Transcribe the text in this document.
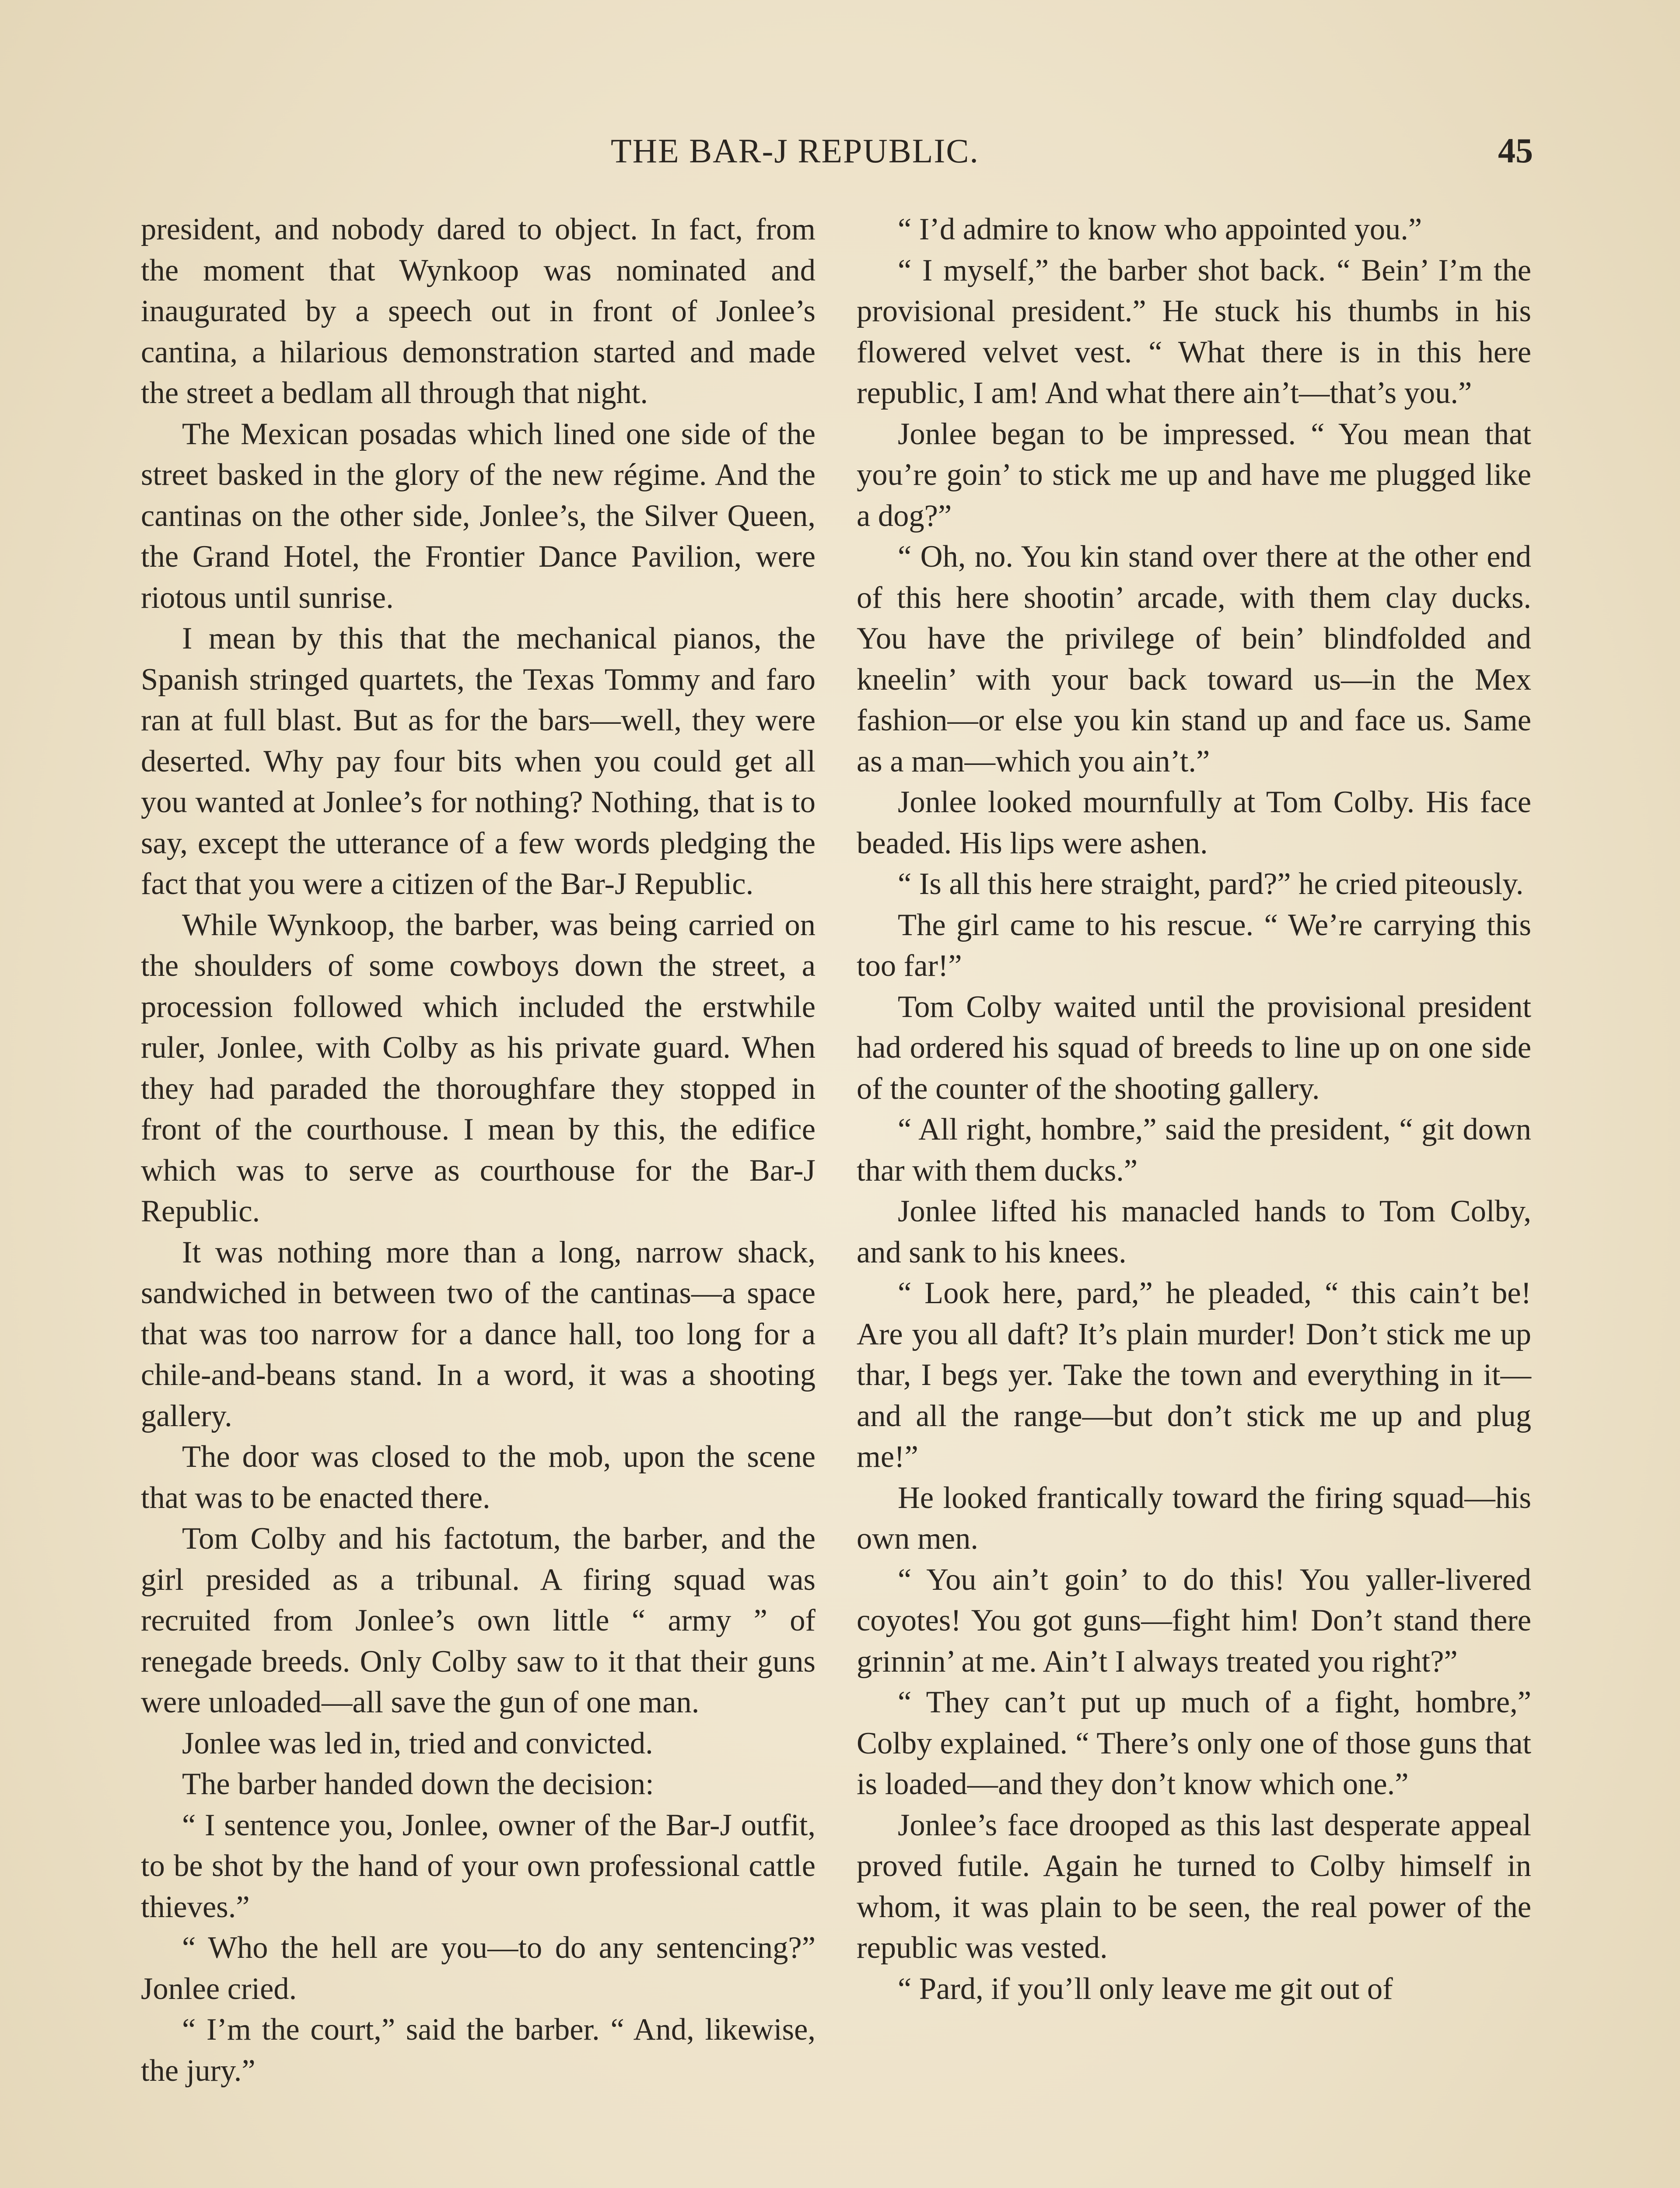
THE BAR-J REPUBLIC.	45

president, and nobody dared to object. In fact, from the moment that Wynkoop was nominated and inaugurated by a speech out in front of Jonlee’s cantina, a hilarious demonstration started and made the street a bedlam all through that night.

The Mexican posadas which lined one side of the street basked in the glory of the new régime. And the cantinas on the other side, Jonlee’s, the Silver Queen, the Grand Hotel, the Frontier Dance Pavilion, were riotous until sunrise.

I mean by this that the mechanical pianos, the Spanish stringed quartets, the Texas Tommy and faro ran at full blast. But as for the bars—well, they were deserted. Why pay four bits when you could get all you wanted at Jonlee’s for nothing? Nothing, that is to say, except the utterance of a few words pledging the fact that you were a citizen of the Bar-J Republic.

While Wynkoop, the barber, was being carried on the shoulders of some cowboys down the street, a procession followed which included the erstwhile ruler, Jonlee, with Colby as his private guard. When they had paraded the thoroughfare they stopped in front of the courthouse. I mean by this, the edifice which was to serve as courthouse for the Bar-J Republic.

It was nothing more than a long, narrow shack, sandwiched in between two of the cantinas—a space that was too narrow for a dance hall, too long for a chile-and-beans stand. In a word, it was a shooting gallery.

The door was closed to the mob, upon the scene that was to be enacted there.

Tom Colby and his factotum, the barber, and the girl presided as a tribunal. A firing squad was recruited from Jonlee’s own little “ army ” of renegade breeds. Only Colby saw to it that their guns were unloaded—all save the gun of one man.

Jonlee was led in, tried and convicted.

The barber handed down the decision:

“ I sentence you, Jonlee, owner of the Bar-J outfit, to be shot by the hand of your own professional cattle thieves.”

“ Who the hell are you—to do any sentencing?” Jonlee cried.

“ I’m the court,” said the barber. “ And, likewise, the jury.”

“ I’d admire to know who appointed you.”

“ I myself,” the barber shot back. “ Bein’ I’m the provisional president.” He stuck his thumbs in his flowered velvet vest. “ What there is in this here republic, I am! And what there ain’t—that’s you.”

Jonlee began to be impressed. “ You mean that you’re goin’ to stick me up and have me plugged like a dog?”

“ Oh, no. You kin stand over there at the other end of this here shootin’ arcade, with them clay ducks. You have the privilege of bein’ blindfolded and kneelin’ with your back toward us—in the Mex fashion—or else you kin stand up and face us. Same as a man—which you ain’t.”

Jonlee looked mournfully at Tom Colby. His face beaded. His lips were ashen.

“ Is all this here straight, pard?” he cried piteously.

The girl came to his rescue. “ We’re carrying this too far!”

Tom Colby waited until the provisional president had ordered his squad of breeds to line up on one side of the counter of the shooting gallery.

“ All right, hombre,” said the president, “ git down thar with them ducks.”

Jonlee lifted his manacled hands to Tom Colby, and sank to his knees.

“ Look here, pard,” he pleaded, “ this cain’t be! Are you all daft? It’s plain murder! Don’t stick me up thar, I begs yer. Take the town and everything in it—and all the range—but don’t stick me up and plug me!”

He looked frantically toward the firing squad—his own men.

“ You ain’t goin’ to do this! You yaller-livered coyotes! You got guns—fight him! Don’t stand there grinnin’ at me. Ain’t I always treated you right?”

“ They can’t put up much of a fight, hombre,” Colby explained. “ There’s only one of those guns that is loaded—and they don’t know which one.”

Jonlee’s face drooped as this last desperate appeal proved futile. Again he turned to Colby himself in whom, it was plain to be seen, the real power of the republic was vested.

“ Pard, if you’ll only leave me git out of
